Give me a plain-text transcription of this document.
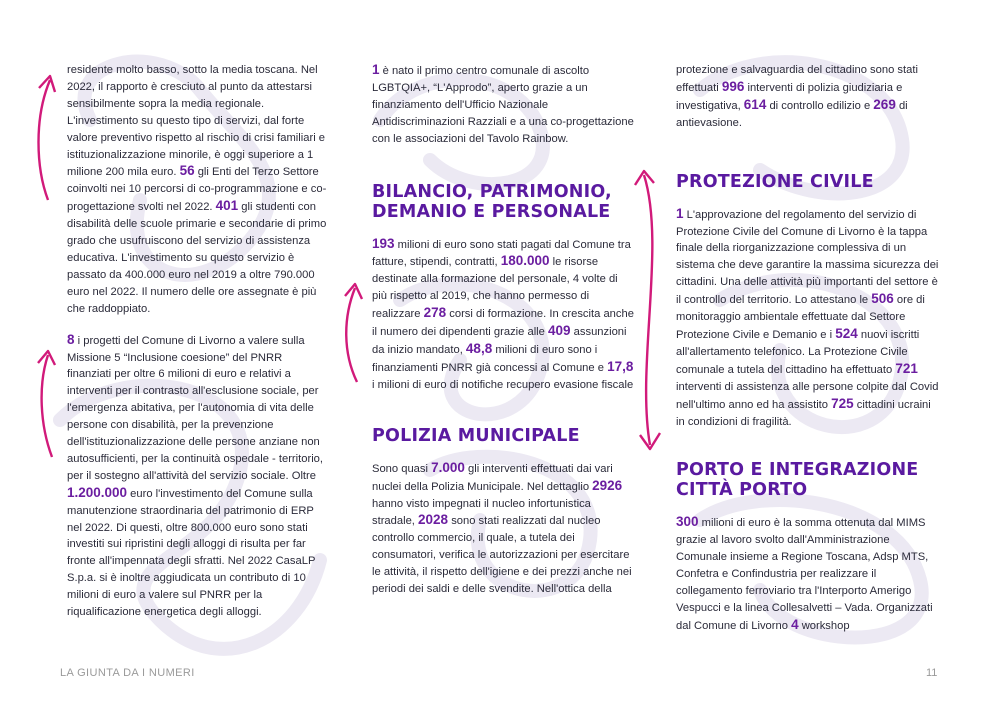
residente molto basso, sotto la media toscana. Nel 2022, il rapporto è cresciuto al punto da attestarsi sensibilmente sopra la media regionale. L'investimento su questo tipo di servizi, dal forte valore preventivo rispetto al rischio di crisi familiari e istituzionalizzazione minorile, è oggi superiore a 1 milione 200 mila euro. 56 gli Enti del Terzo Settore coinvolti nei 10 percorsi di co-programmazione e co-progettazione svolti nel 2022. 401 gli studenti con disabilità delle scuole primarie e secondarie di primo grado che usufruiscono del servizio di assistenza educativa. L'investimento su questo servizio è passato da 400.000 euro nel 2019 a oltre 790.000 euro nel 2022. Il numero delle ore assegnate è più che raddoppiato.

8 i progetti del Comune di Livorno a valere sulla Missione 5 “Inclusione coesione” del PNRR finanziati per oltre 6 milioni di euro e relativi a interventi per il contrasto all'esclusione sociale, per l'emergenza abitativa, per l'autonomia di vita delle persone con disabilità, per la prevenzione dell'istituzionalizzazione delle persone anziane non autosufficienti, per la continuità ospedale - territorio, per il sostegno all'attività del servizio sociale. Oltre 1.200.000 euro l'investimento del Comune sulla manutenzione straordinaria del patrimonio di ERP nel 2022. Di questi, oltre 800.000 euro sono stati investiti sui ripristini degli alloggi di risulta per far fronte all'impennata degli sfratti. Nel 2022 CasaLP S.p.a. si è inoltre aggiudicata un contributo di 10 milioni di euro a valere sul PNRR per la riqualificazione energetica degli alloggi.

1 è nato il primo centro comunale di ascolto LGBTQIA+, “L'Approdo”, aperto grazie a un finanziamento dell'Ufficio Nazionale Antidiscriminazioni Razziali e a una co-progettazione con le associazioni del Tavolo Rainbow.

BILANCIO, PATRIMONIO, DEMANIO E PERSONALE

193 milioni di euro sono stati pagati dal Comune tra fatture, stipendi, contratti, 180.000 le risorse destinate alla formazione del personale, 4 volte di più rispetto al 2019, che hanno permesso di realizzare 278 corsi di formazione. In crescita anche il numero dei dipendenti grazie alle 409 assunzioni da inizio mandato, 48,8 milioni di euro sono i finanziamenti PNRR già concessi al Comune e 17,8 i milioni di euro di notifiche recupero evasione fiscale

POLIZIA MUNICIPALE

Sono quasi 7.000 gli interventi effettuati dai vari nuclei della Polizia Municipale. Nel dettaglio 2926 hanno visto impegnati il nucleo infortunistica stradale, 2028 sono stati realizzati dal nucleo controllo commercio, il quale, a tutela dei consumatori, verifica le autorizzazioni per esercitare le attività, il rispetto dell'igiene e dei prezzi anche nei periodi dei saldi e delle svendite. Nell'ottica della

protezione e salvaguardia del cittadino sono stati effettuati 996 interventi di polizia giudiziaria e investigativa, 614 di controllo edilizio e 269 di antievasione.

PROTEZIONE CIVILE

1 L'approvazione del regolamento del servizio di Protezione Civile del Comune di Livorno è la tappa finale della riorganizzazione complessiva di un sistema che deve garantire la massima sicurezza dei cittadini. Una delle attività più importanti del settore è il controllo del territorio. Lo attestano le 506 ore di monitoraggio ambientale effettuate dal Settore Protezione Civile e Demanio e i 524 nuovi iscritti all'allertamento telefonico. La Protezione Civile comunale a tutela del cittadino ha effettuato 721 interventi di assistenza alle persone colpite dal Covid nell'ultimo anno ed ha assistito 725 cittadini ucraini in condizioni di fragilità.

PORTO E INTEGRAZIONE CITTÀ PORTO

300 milioni di euro è la somma ottenuta dal MIMS grazie al lavoro svolto dall'Amministrazione Comunale insieme a Regione Toscana, Adsp MTS, Confetra e Confindustria per realizzare il collegamento ferroviario tra l'Interporto Amerigo Vespucci e la linea Collesalvetti – Vada. Organizzati dal Comune di Livorno 4 workshop

LA GIUNTA DA I NUMERI	11
